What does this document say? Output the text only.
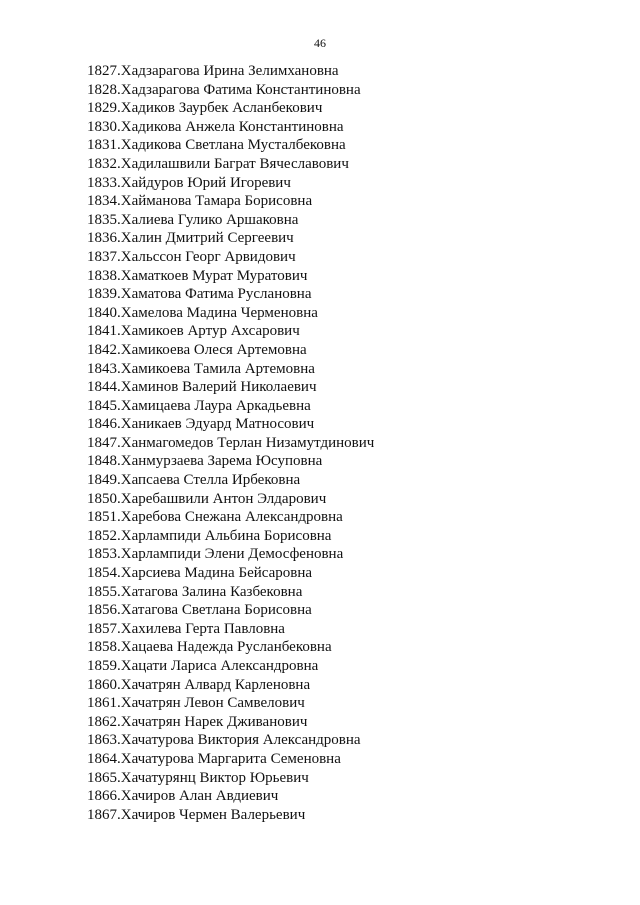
46
1827 . Хадзарагова Ирина Зелимхановна
1828 . Хадзарагова Фатима Константиновна
1829 . Хадиков Заурбек Асланбекович
1830 . Хадикова Анжела Константиновна
1831 . Хадикова Светлана Мусталбековна
1832 . Хадилашвили Баграт Вячеславович
1833 . Хайдуров Юрий Игоревич
1834 . Хайманова Тамара Борисовна
1835 . Халиева Гулико Аршаковна
1836 . Халин Дмитрий Сергеевич
1837 . Хальссон Георг Арвидович
1838 . Хаматкоев Мурат Муратович
1839 . Хаматова Фатима Руслановна
1840 . Хамелова Мадина Черменовна
1841 . Хамикоев Артур Ахсарович
1842 . Хамикоева Олеся Артемовна
1843 . Хамикоева Тамила Артемовна
1844 . Хаминов Валерий Николаевич
1845 . Хамицаева Лаура Аркадьевна
1846 . Ханикаев Эдуард Матносович
1847 . Ханмагомедов Терлан Низамутдинович
1848 . Ханмурзаева Зарема Юсуповна
1849 . Хапсаева Стелла Ирбековна
1850 . Харебашвили Антон Элдарович
1851 . Харебова Снежана Александровна
1852 . Харлампиди Альбина Борисовна
1853 . Харлампиди Элени Демосфеновна
1854 . Харсиева Мадина Бейсаровна
1855 . Хатагова Залина Казбековна
1856 . Хатагова Светлана Борисовна
1857 . Хахилева Герта Павловна
1858 . Хацаева Надежда Русланбековна
1859 . Хацати Лариса Александровна
1860 . Хачатрян Алвард Карленовна
1861 . Хачатрян Левон Самвелович
1862 . Хачатрян Нарек Дживанович
1863 . Хачатурова Виктория Александровна
1864 . Хачатурова Маргарита Семеновна
1865 . Хачатурянц Виктор Юрьевич
1866 . Хачиров Алан Авдиевич
1867 . Хачиров Чермен Валерьевич
